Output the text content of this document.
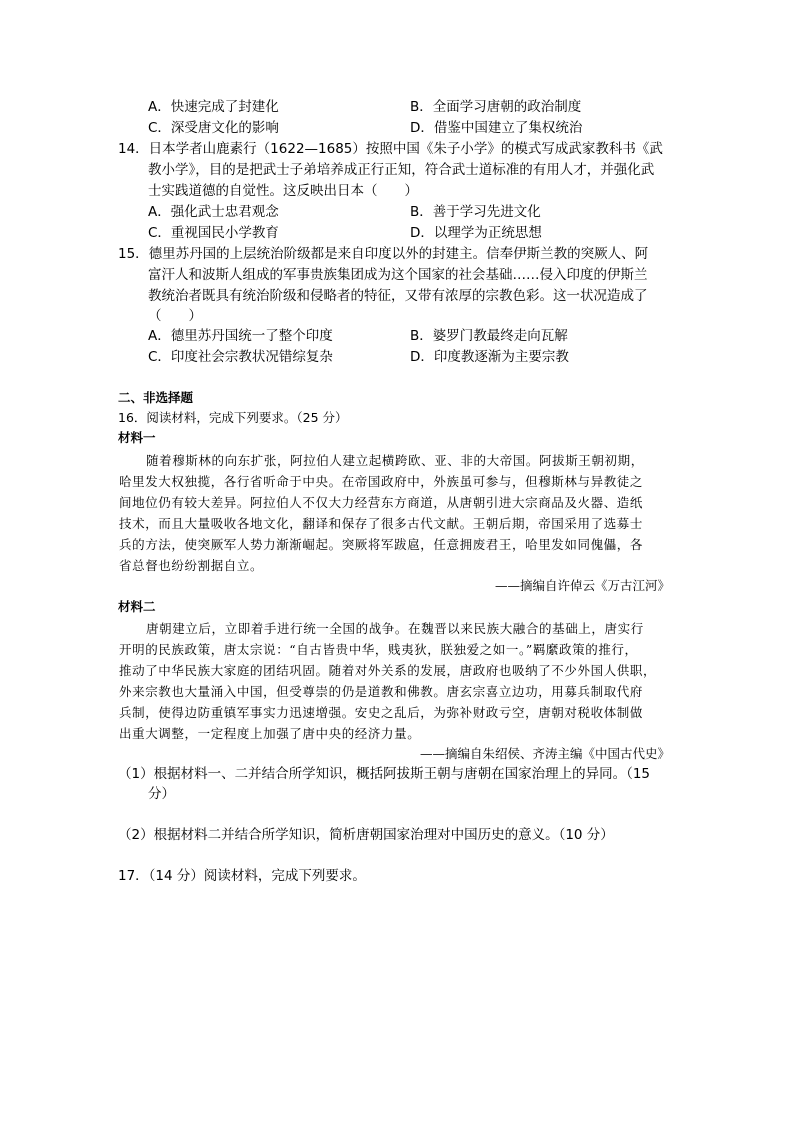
A．快速完成了封建化	B．全面学习唐朝的政治制度
C．深受唐文化的影响	D．借鉴中国建立了集权统治
14．日本学者山鹿素行（1622—1685）按照中国《朱子小学》的模式写成武家教科书《武
教小学》，目的是把武士子弟培养成正行正知，符合武士道标准的有用人才，并强化武
士实践道德的自觉性。这反映出日本（　　）
A．强化武士忠君观念	B．善于学习先进文化
C．重视国民小学教育	D．以理学为正统思想
15．德里苏丹国的上层统治阶级都是来自印度以外的封建主。信奉伊斯兰教的突厥人、阿
富汗人和波斯人组成的军事贵族集团成为这个国家的社会基础……侵入印度的伊斯兰
教统治者既具有统治阶级和侵略者的特征，又带有浓厚的宗教色彩。这一状况造成了
（　　）
A．德里苏丹国统一了整个印度	B．婆罗门教最终走向瓦解
C．印度社会宗教状况错综复杂	D．印度教逐渐为主要宗教
二、非选择题
16．阅读材料，完成下列要求。（25 分）
材料一
随着穆斯林的向东扩张，阿拉伯人建立起横跨欧、亚、非的大帝国。阿拔斯王朝初期，
哈里发大权独揽，各行省听命于中央。在帝国政府中，外族虽可参与，但穆斯林与异教徒之
间地位仍有较大差异。阿拉伯人不仅大力经营东方商道，从唐朝引进大宗商品及火器、造纸
技术，而且大量吸收各地文化，翻译和保存了很多古代文献。王朝后期，帝国采用了选募士
兵的方法，使突厥军人势力渐渐崛起。突厥将军跋扈，任意拥废君王，哈里发如同傀儡，各
省总督也纷纷割据自立。
——摘编自许倬云《万古江河》
材料二
唐朝建立后，立即着手进行统一全国的战争。在魏晋以来民族大融合的基础上，唐实行
开明的民族政策，唐太宗说：“自古皆贵中华，贱夷狄，朕独爱之如一。”羁縻政策的推行，
推动了中华民族大家庭的团结巩固。随着对外关系的发展，唐政府也吸纳了不少外国人供职，
外来宗教也大量涌入中国，但受尊崇的仍是道教和佛教。唐玄宗喜立边功，用募兵制取代府
兵制，使得边防重镇军事实力迅速增强。安史之乱后，为弥补财政亏空，唐朝对税收体制做
出重大调整，一定程度上加强了唐中央的经济力量。
——摘编自朱绍侯、齐涛主编《中国古代史》
（1）根据材料一、二并结合所学知识，概括阿拔斯王朝与唐朝在国家治理上的异同。（15
分）
（2）根据材料二并结合所学知识，简析唐朝国家治理对中国历史的意义。（10 分）
17．（14 分）阅读材料，完成下列要求。
